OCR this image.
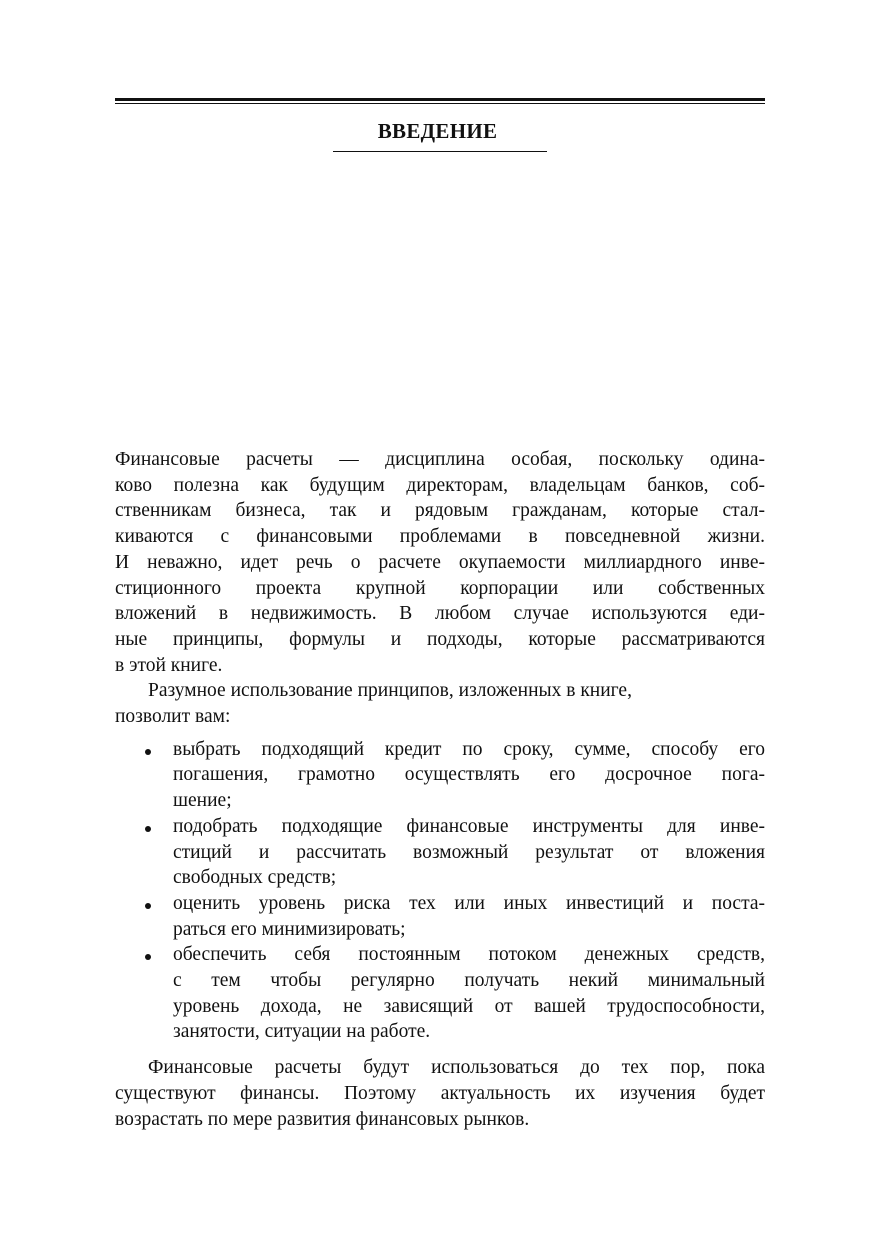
ВВЕДЕНИЕ

Финансовые расчеты — дисциплина особая, поскольку одина-
ково полезна как будущим директорам, владельцам банков, соб-
ственникам бизнеса, так и рядовым гражданам, которые стал-
киваются с финансовыми проблемами в повседневной жизни.
И неважно, идет речь о расчете окупаемости миллиардного инве-
стиционного проекта крупной корпорации или собственных
вложений в недвижимость. В любом случае используются еди-
ные принципы, формулы и подходы, которые рассматриваются
в этой книге.

Разумное использование принципов, изложенных в книге,
позволит вам:

выбрать подходящий кредит по сроку, сумме, способу его
погашения, грамотно осуществлять его досрочное пога-
шение;
подобрать подходящие финансовые инструменты для инве-
стиций и рассчитать возможный результат от вложения
свободных средств;
оценить уровень риска тех или иных инвестиций и поста-
раться его минимизировать;
обеспечить себя постоянным потоком денежных средств,
с тем чтобы регулярно получать некий минимальный
уровень дохода, не зависящий от вашей трудоспособности,
занятости, ситуации на работе.

Финансовые расчеты будут использоваться до тех пор, пока
существуют финансы. Поэтому актуальность их изучения будет
возрастать по мере развития финансовых рынков.
